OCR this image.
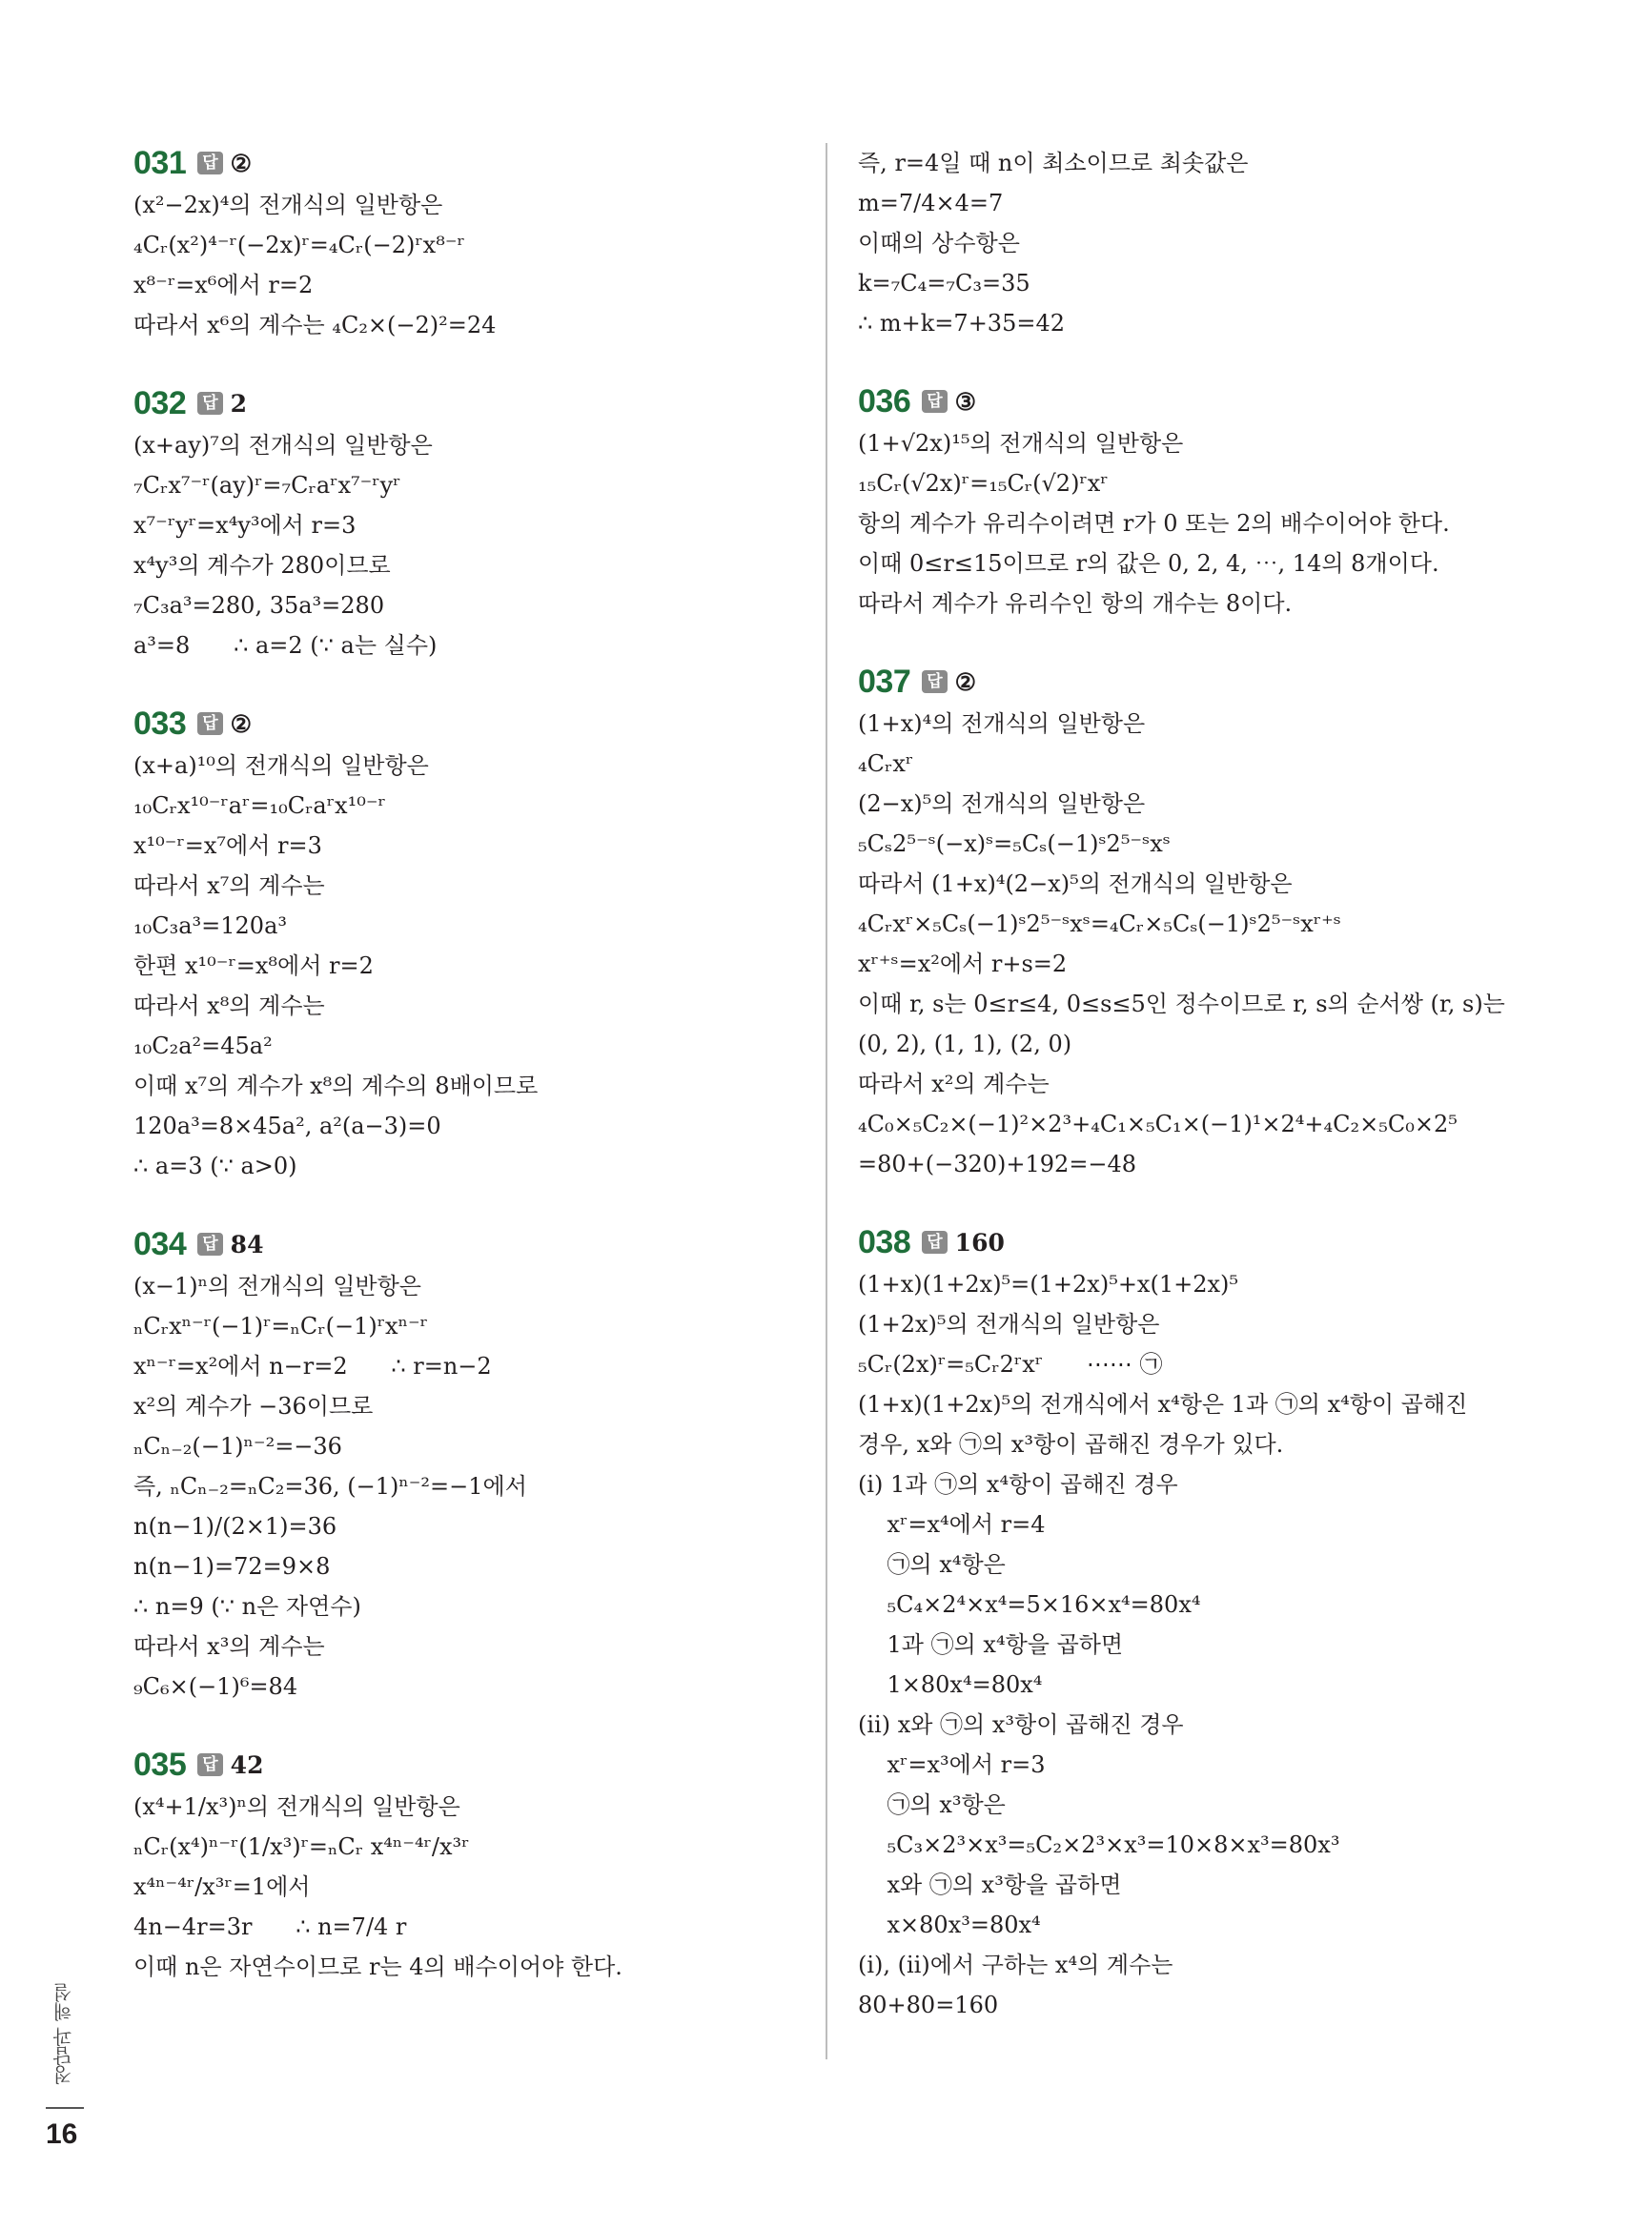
031 답 ②
(x²−2x)⁴의 전개식의 일반항은
₄Cᵣ(x²)⁴⁻ʳ(−2x)ʳ=₄Cᵣ(−2)ʳx⁸⁻ʳ
x⁸⁻ʳ=x⁶에서 r=2
따라서 x⁶의 계수는 ₄C₂×(−2)²=24
032 답 2
(x+ay)⁷의 전개식의 일반항은
₇Cᵣx⁷⁻ʳ(ay)ʳ=₇Cᵣaʳx⁷⁻ʳyʳ
x⁷⁻ʳyʳ=x⁴y³에서 r=3
x⁴y³의 계수가 280이므로
₇C₃a³=280, 35a³=280
a³=8      ∴ a=2 (∵ a는 실수)
033 답 ②
(x+a)¹⁰의 전개식의 일반항은
₁₀Cᵣx¹⁰⁻ʳaʳ=₁₀Cᵣaʳx¹⁰⁻ʳ
x¹⁰⁻ʳ=x⁷에서 r=3
따라서 x⁷의 계수는
₁₀C₃a³=120a³
한편 x¹⁰⁻ʳ=x⁸에서 r=2
따라서 x⁸의 계수는
₁₀C₂a²=45a²
이때 x⁷의 계수가 x⁸의 계수의 8배이므로
120a³=8×45a², a²(a−3)=0
∴ a=3 (∵ a>0)
034 답 84
(x−1)ⁿ의 전개식의 일반항은
ₙCᵣxⁿ⁻ʳ(−1)ʳ=ₙCᵣ(−1)ʳxⁿ⁻ʳ
xⁿ⁻ʳ=x²에서 n−r=2      ∴ r=n−2
x²의 계수가 −36이므로
ₙCₙ₋₂(−1)ⁿ⁻²=−36
즉, ₙCₙ₋₂=ₙC₂=36, (−1)ⁿ⁻²=−1에서
n(n−1)/(2×1)=36
n(n−1)=72=9×8
∴ n=9 (∵ n은 자연수)
따라서 x³의 계수는
₉C₆×(−1)⁶=84
035 답 42
(x⁴+1/x³)ⁿ의 전개식의 일반항은
ₙCᵣ(x⁴)ⁿ⁻ʳ(1/x³)ʳ=ₙCᵣ x⁴ⁿ⁻⁴ʳ/x³ʳ
x⁴ⁿ⁻⁴ʳ/x³ʳ=1에서
4n−4r=3r      ∴ n=7/4 r
이때 n은 자연수이므로 r는 4의 배수이어야 한다.
즉, r=4일 때 n이 최소이므로 최솟값은
m=7/4×4=7
이때의 상수항은
k=₇C₄=₇C₃=35
∴ m+k=7+35=42
036 답 ③
(1+√2x)¹⁵의 전개식의 일반항은
₁₅Cᵣ(√2x)ʳ=₁₅Cᵣ(√2)ʳxʳ
항의 계수가 유리수이려면 r가 0 또는 2의 배수이어야 한다.
이때 0≤r≤15이므로 r의 값은 0, 2, 4, ⋯, 14의 8개이다.
따라서 계수가 유리수인 항의 개수는 8이다.
037 답 ②
(1+x)⁴의 전개식의 일반항은
₄Cᵣxʳ
(2−x)⁵의 전개식의 일반항은
₅Cₛ2⁵⁻ˢ(−x)ˢ=₅Cₛ(−1)ˢ2⁵⁻ˢxˢ
따라서 (1+x)⁴(2−x)⁵의 전개식의 일반항은
₄Cᵣxʳ×₅Cₛ(−1)ˢ2⁵⁻ˢxˢ=₄Cᵣ×₅Cₛ(−1)ˢ2⁵⁻ˢxʳ⁺ˢ
xʳ⁺ˢ=x²에서 r+s=2
이때 r, s는 0≤r≤4, 0≤s≤5인 정수이므로 r, s의 순서쌍 (r, s)는
(0, 2), (1, 1), (2, 0)
따라서 x²의 계수는
₄C₀×₅C₂×(−1)²×2³+₄C₁×₅C₁×(−1)¹×2⁴+₄C₂×₅C₀×2⁵
=80+(−320)+192=−48
038 답 160
(1+x)(1+2x)⁵=(1+2x)⁵+x(1+2x)⁵
(1+2x)⁵의 전개식의 일반항은
₅Cᵣ(2x)ʳ=₅Cᵣ2ʳxʳ      ⋯⋯ ㉠
(1+x)(1+2x)⁵의 전개식에서 x⁴항은 1과 ㉠의 x⁴항이 곱해진
경우, x와 ㉠의 x³항이 곱해진 경우가 있다.
(ⅰ) 1과 ㉠의 x⁴항이 곱해진 경우
xʳ=x⁴에서 r=4
㉠의 x⁴항은
₅C₄×2⁴×x⁴=5×16×x⁴=80x⁴
1과 ㉠의 x⁴항을 곱하면
1×80x⁴=80x⁴
(ⅱ) x와 ㉠의 x³항이 곱해진 경우
xʳ=x³에서 r=3
㉠의 x³항은
₅C₃×2³×x³=₅C₂×2³×x³=10×8×x³=80x³
x와 ㉠의 x³항을 곱하면
x×80x³=80x⁴
(ⅰ), (ⅱ)에서 구하는 x⁴의 계수는
80+80=160
정답과 해설
16
